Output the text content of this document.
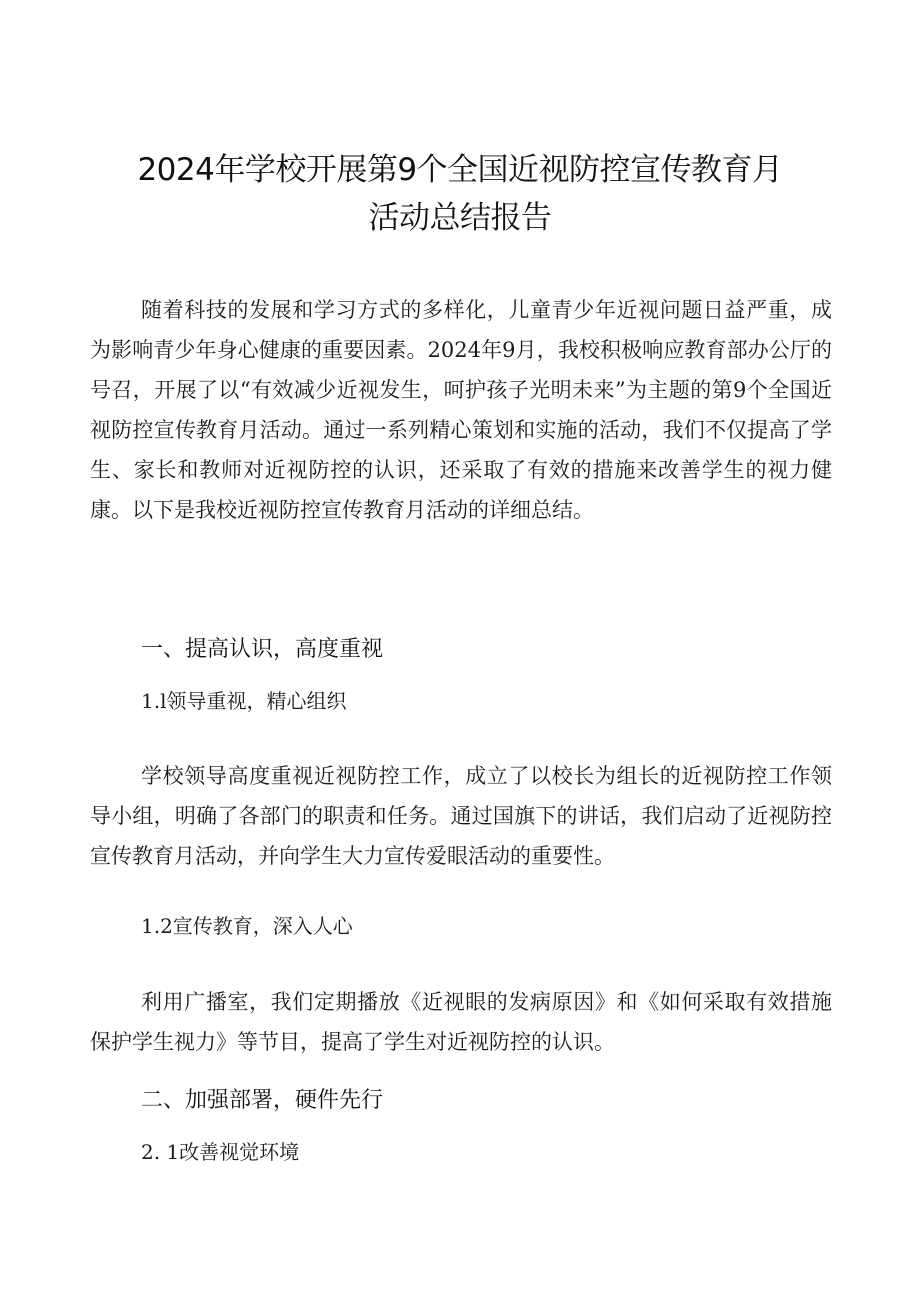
2024年学校开展第9个全国近视防控宣传教育月
活动总结报告

随着科技的发展和学习方式的多样化，儿童青少年近视问题日益严重，成为影响青少年身心健康的重要因素。2024年9月，我校积极响应教育部办公厅的号召，开展了以“有效减少近视发生，呵护孩子光明未来”为主题的第9个全国近视防控宣传教育月活动。通过一系列精心策划和实施的活动，我们不仅提高了学生、家长和教师对近视防控的认识，还采取了有效的措施来改善学生的视力健康。以下是我校近视防控宣传教育月活动的详细总结。

一、提高认识，高度重视
1.l领导重视，精心组织

学校领导高度重视近视防控工作，成立了以校长为组长的近视防控工作领导小组，明确了各部门的职责和任务。通过国旗下的讲话，我们启动了近视防控宣传教育月活动，并向学生大力宣传爱眼活动的重要性。

1.2宣传教育，深入人心

利用广播室，我们定期播放《近视眼的发病原因》和《如何采取有效措施保护学生视力》等节目，提高了学生对近视防控的认识。

二、加强部署，硬件先行
2. 1改善视觉环境
